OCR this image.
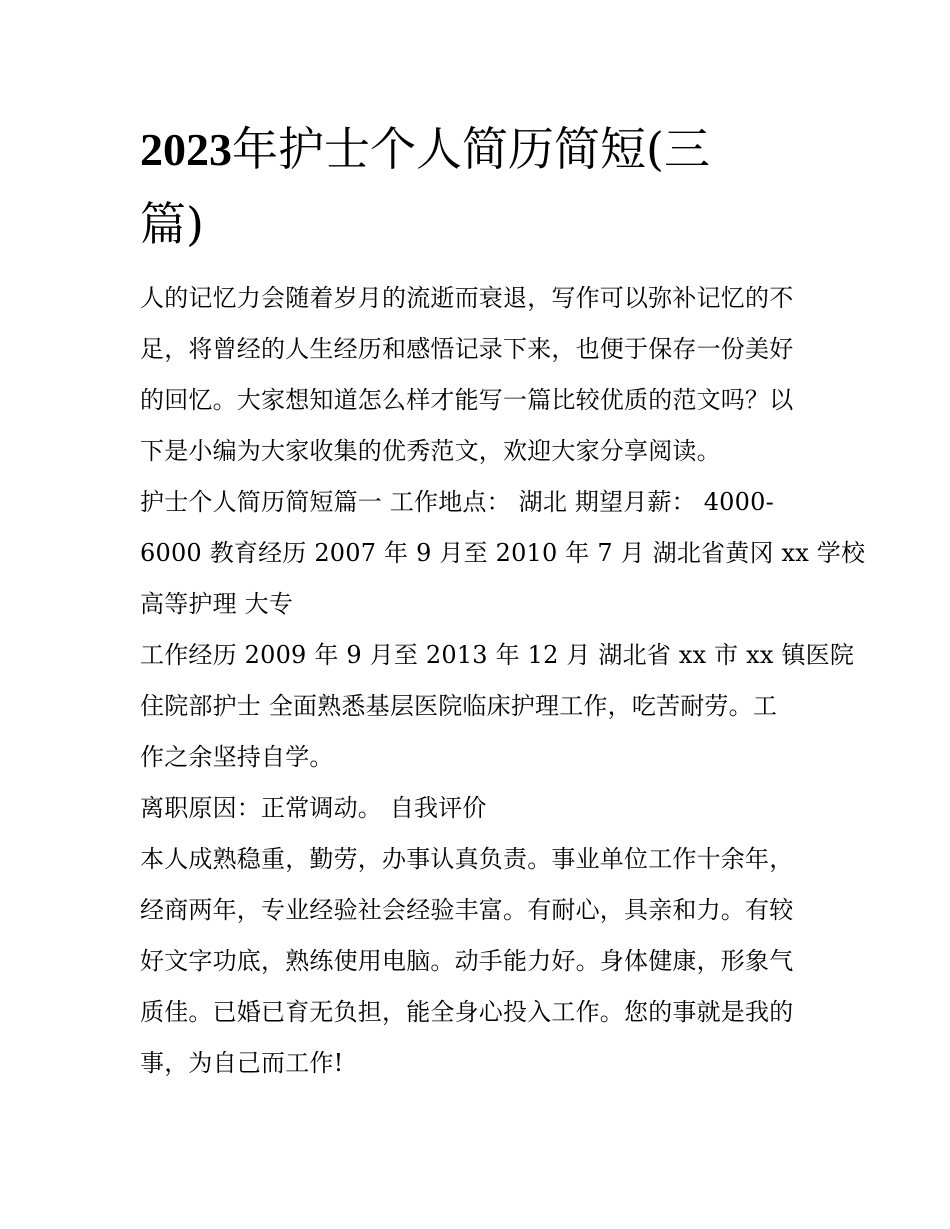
2023年护士个人简历简短(三
篇)

人的记忆力会随着岁月的流逝而衰退，写作可以弥补记忆的不
足，将曾经的人生经历和感悟记录下来，也便于保存一份美好
的回忆。大家想知道怎么样才能写一篇比较优质的范文吗？以
下是小编为大家收集的优秀范文，欢迎大家分享阅读。

护士个人简历简短篇一 工作地点： 湖北 期望月薪： 4000-
6000 教育经历 2007 年 9 月至 2010 年 7 月 湖北省黄冈 xx 学校
高等护理 大专

工作经历 2009 年 9 月至 2013 年 12 月 湖北省 xx 市 xx 镇医院
住院部护士 全面熟悉基层医院临床护理工作，吃苦耐劳。工
作之余坚持自学。

离职原因：正常调动。 自我评价

本人成熟稳重，勤劳，办事认真负责。事业单位工作十余年，
经商两年，专业经验社会经验丰富。有耐心，具亲和力。有较
好文字功底，熟练使用电脑。动手能力好。身体健康，形象气
质佳。已婚已育无负担，能全身心投入工作。您的事就是我的
事，为自己而工作!
